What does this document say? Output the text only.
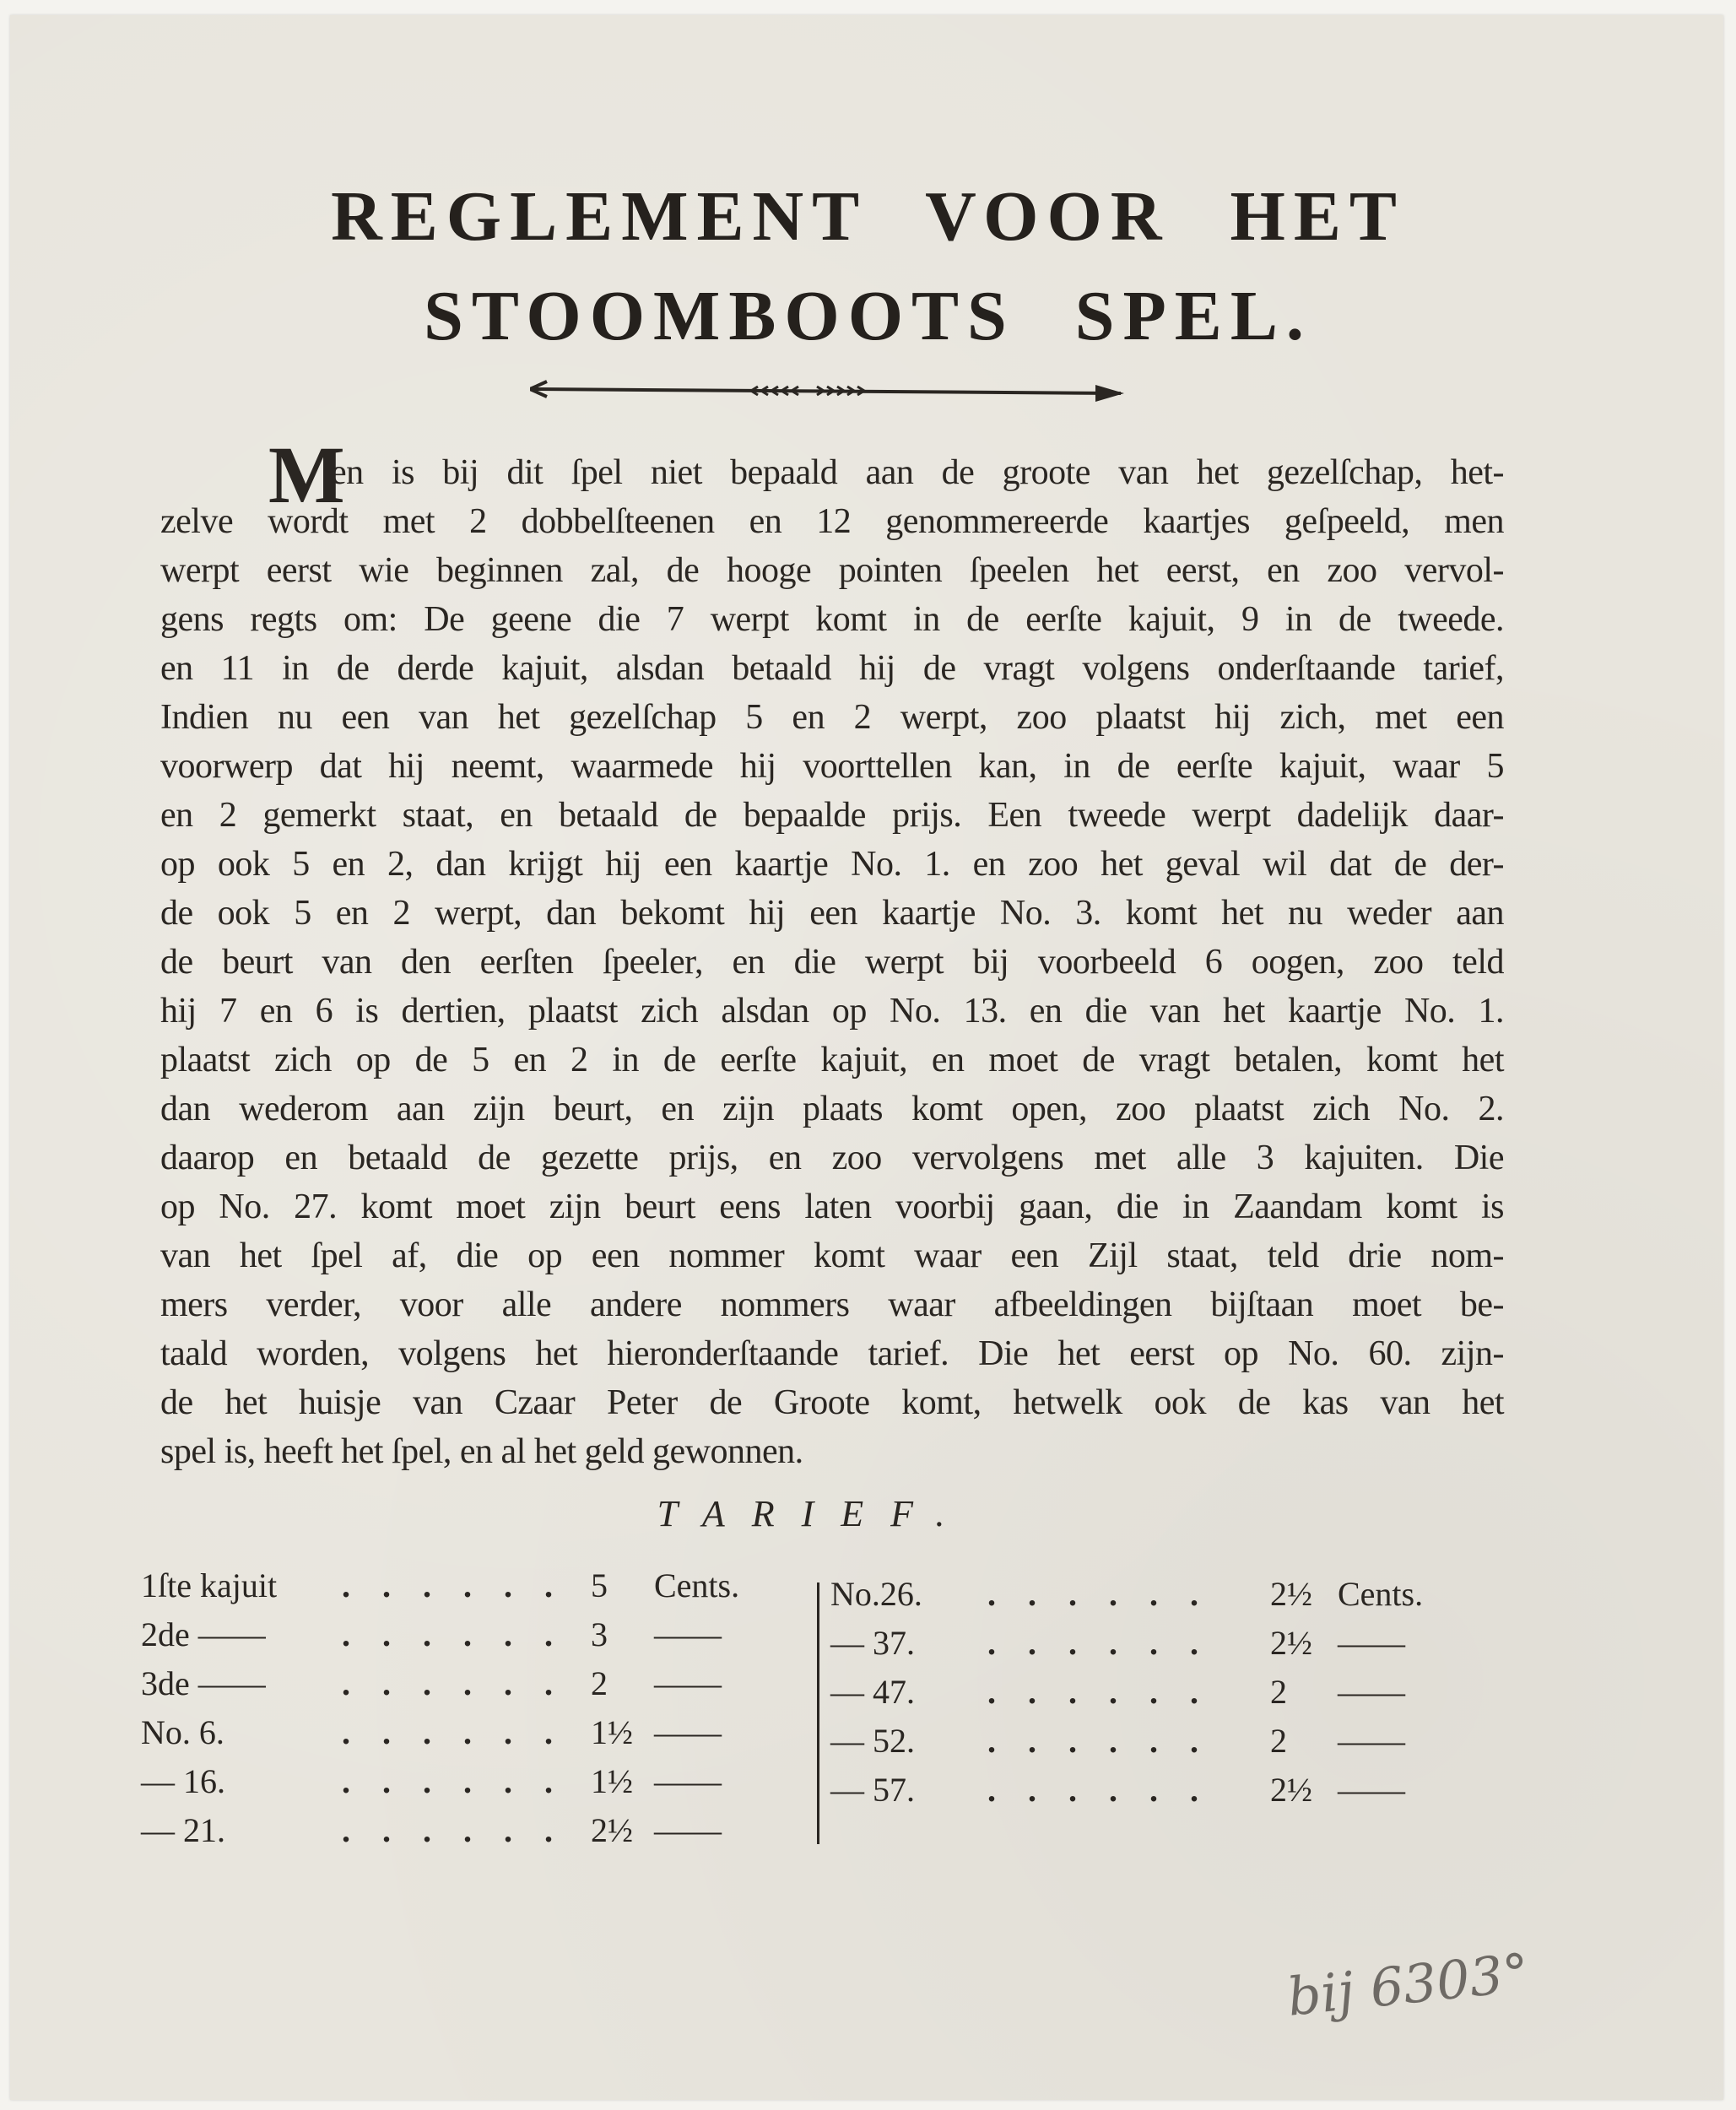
REGLEMENT VOOR HET
STOOMBOOTS SPEL.
M
en is bij dit ſpel niet bepaald aan de groote van het gezelſchap, het-
zelve wordt met 2 dobbelſteenen en 12 genommereerde kaartjes geſpeeld, men
werpt eerst wie beginnen zal, de hooge pointen ſpeelen het eerst, en zoo vervol-
gens regts om: De geene die 7 werpt komt in de eerſte kajuit, 9 in de tweede.
en 11 in de derde kajuit, alsdan betaald hij de vragt volgens onderſtaande tarief,
Indien nu een van het gezelſchap 5 en 2 werpt, zoo plaatst hij zich, met een
voorwerp dat hij neemt, waarmede hij voorttellen kan, in de eerſte kajuit, waar 5
en 2 gemerkt staat, en betaald de bepaalde prijs. Een tweede werpt dadelijk daar-
op ook 5 en 2, dan krijgt hij een kaartje No. 1. en zoo het geval wil dat de der-
de ook 5 en 2 werpt, dan bekomt hij een kaartje No. 3. komt het nu weder aan
de beurt van den eerſten ſpeeler, en die werpt bij voorbeeld 6 oogen, zoo teld
hij 7 en 6 is dertien, plaatst zich alsdan op No. 13. en die van het kaartje No. 1.
plaatst zich op de 5 en 2 in de eerſte kajuit, en moet de vragt betalen, komt het
dan wederom aan zijn beurt, en zijn plaats komt open, zoo plaatst zich No. 2.
daarop en betaald de gezette prijs, en zoo vervolgens met alle 3 kajuiten. Die
op No. 27. komt moet zijn beurt eens laten voorbij gaan, die in Zaandam komt is
van het ſpel af, die op een nommer komt waar een Zijl staat, teld drie nom-
mers verder, voor alle andere nommers waar afbeeldingen bijſtaan moet be-
taald worden, volgens het hieronderſtaande tarief. Die het eerst op No. 60. zijn-
de het huisje van Czaar Peter de Groote komt, hetwelk ook de kas van het
spel is, heeft het ſpel, en al het geld gewonnen.
TARIEF.
1ſte kajuit . . . . . . 5 Cents.
2de —— . . . . . . 3 ——
3de —— . . . . . . 2 ——
No. 6.	. . . . . . 1½ ——
— 16.	. . . . . . 1½ ——
— 21.	. . . . . . 2½ ——
No.26. . . . . . . 2½ Cents.
— 37. . . . . . . 2½ ——
— 47. . . . . . . 2 ——
— 52. . . . . . . 2 ——
— 57. . . . . . . 2½ ——
bij 6303°
